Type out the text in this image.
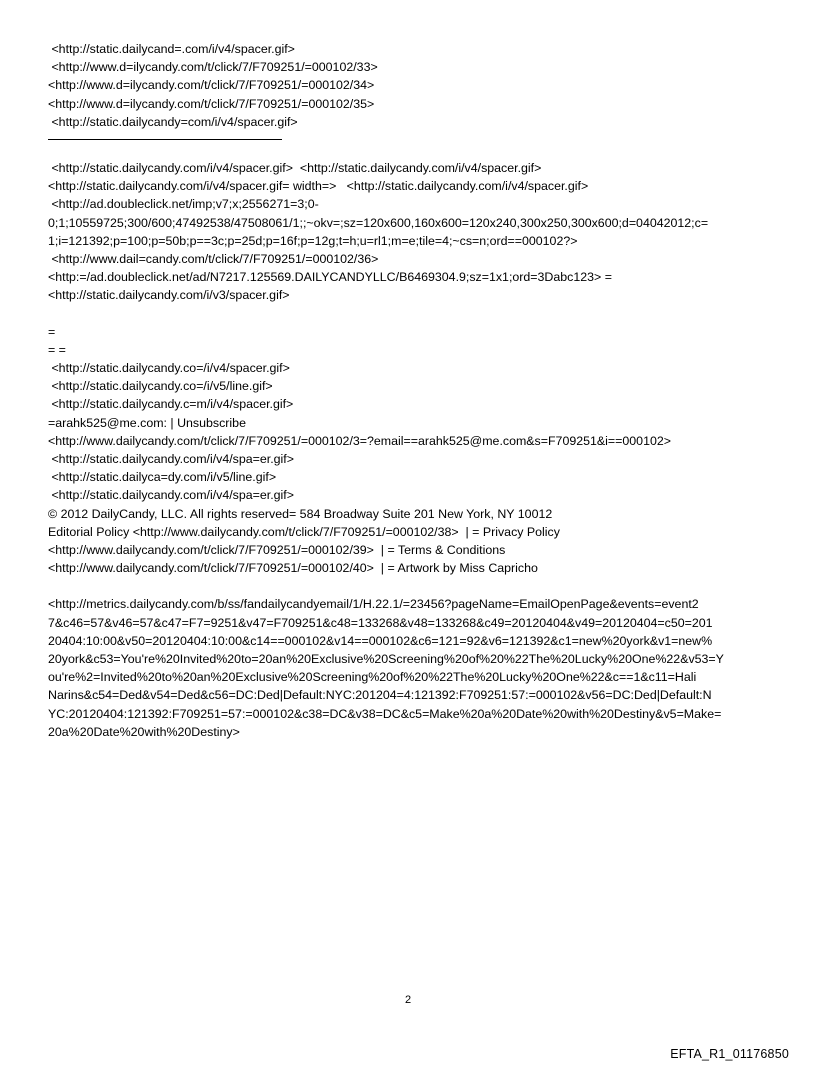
<http://static.dailycand=.com/i/v4/spacer.gif>
<http://www.d=ilycandy.com/t/click/7/F709251/=000102/33>
<http://www.d=ilycandy.com/t/click/7/F709251/=000102/34>
<http://www.d=ilycandy.com/t/click/7/F709251/=000102/35>
<http://static.dailycandy=com/i/v4/spacer.gif>
<http://static.dailycandy.com/i/v4/spacer.gif>  <http://static.dailycandy.com/i/v4/spacer.gif>
<http://static.dailycandy.com/i/v4/spacer.gif= width=>   <http://static.dailycandy.com/i/v4/spacer.gif>
<http://ad.doubleclick.net/imp;v7;x;2556271=3;0-
0;1;10559725;300/600;47492538/47508061/1;;~okv=;sz=120x600,160x600=120x240,300x250,300x600;d=04042012;c=
1;i=121392;p=100;p=50b;p==3c;p=25d;p=16f;p=12g;t=h;u=rl1;m=e;tile=4;~cs=n;ord==000102?>
<http://www.dail=candy.com/t/click/7/F709251/=000102/36>
<http:=/ad.doubleclick.net/ad/N7217.125569.DAILYCANDYLLC/B6469304.9;sz=1x1;ord=3Dabc123> =
<http://static.dailycandy.com/i/v3/spacer.gif>
=
= =
<http://static.dailycandy.co=/i/v4/spacer.gif>
<http://static.dailycandy.co=/i/v5/line.gif>
<http://static.dailycandy.c=m/i/v4/spacer.gif>
=arahk525@me.com: | Unsubscribe
<http://www.dailycandy.com/t/click/7/F709251/=000102/3=?email==arahk525@me.com&s=F709251&i==000102>
<http://static.dailycandy.com/i/v4/spa=er.gif>
<http://static.dailyca=dy.com/i/v5/line.gif>
<http://static.dailycandy.com/i/v4/spa=er.gif>
© 2012 DailyCandy, LLC. All rights reserved= 584 Broadway Suite 201 New York, NY 10012
Editorial Policy <http://www.dailycandy.com/t/click/7/F709251/=000102/38>  | = Privacy Policy
<http://www.dailycandy.com/t/click/7/F709251/=000102/39>  | = Terms & Conditions
<http://www.dailycandy.com/t/click/7/F709251/=000102/40>  | = Artwork by Miss Capricho
<http://metrics.dailycandy.com/b/ss/fandailycandyemail/1/H.22.1/=23456?pageName=EmailOpenPage&events=event2
7&c46=57&v46=57&c47=F7=9251&v47=F709251&c48=133268&v48=133268&c49=20120404&v49=20120404=c50=201
20404:10:00&v50=20120404:10:00&c14==000102&v14==000102&c6=121=92&v6=121392&c1=new%20york&v1=new%
20york&c53=You're%20Invited%20to=20an%20Exclusive%20Screening%20of%20%22The%20Lucky%20One%22&v53=Y
ou're%2=Invited%20to%20an%20Exclusive%20Screening%20of%20%22The%20Lucky%20One%22&c==1&c11=Hali
Narins&c54=Ded&v54=Ded&c56=DC:Ded|Default:NYC:201204=4:121392:F709251:57:=000102&v56=DC:Ded|Default:N
YC:20120404:121392:F709251=57:=000102&c38=DC&v38=DC&c5=Make%20a%20Date%20with%20Destiny&v5=Make=
20a%20Date%20with%20Destiny>
2
EFTA_R1_01176850
